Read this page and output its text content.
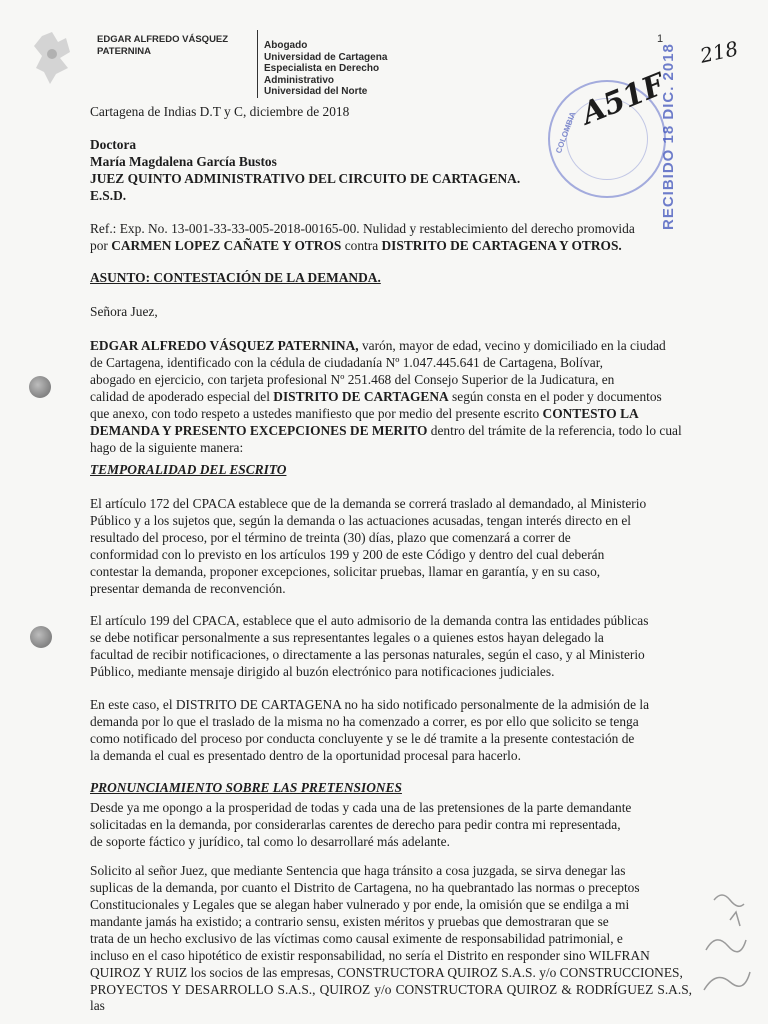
EDGAR ALFREDO VÁSQUEZ
PATERNINA
Abogado
Universidad de Cartagena
Especialista en Derecho
Administrativo
Universidad del Norte
1
COLOMBIA	RECIBIDO 18 DIC. 2018
A51F
218
Cartagena de Indias D.T y C, diciembre de 2018
Doctora
María Magdalena García Bustos
JUEZ QUINTO ADMINISTRATIVO DEL CIRCUITO DE CARTAGENA.
E.S.D.
Ref.: Exp. No. 13-001-33-33-005-2018-00165-00. Nulidad y restablecimiento del derecho promovida
por CARMEN LOPEZ CAÑATE Y OTROS contra DISTRITO DE CARTAGENA Y OTROS.
ASUNTO: CONTESTACIÓN DE LA DEMANDA.
Señora Juez,
EDGAR ALFREDO VÁSQUEZ PATERNINA, varón, mayor de edad, vecino y domiciliado en la ciudad
de Cartagena, identificado con la cédula de ciudadanía Nº 1.047.445.641 de Cartagena, Bolívar,
abogado en ejercicio, con tarjeta profesional Nº 251.468 del Consejo Superior de la Judicatura, en
calidad de apoderado especial del DISTRITO DE CARTAGENA según consta en el poder y documentos
que anexo, con todo respeto a ustedes manifiesto que por medio del presente escrito CONTESTO LA
DEMANDA Y PRESENTO EXCEPCIONES DE MERITO dentro del trámite de la referencia, todo lo cual
hago de la siguiente manera:
TEMPORALIDAD DEL ESCRITO
El artículo 172 del CPACA establece que de la demanda se correrá traslado al demandado, al Ministerio
Público y a los sujetos que, según la demanda o las actuaciones acusadas, tengan interés directo en el
resultado del proceso, por el término de treinta (30) días, plazo que comenzará a correr de
conformidad con lo previsto en los artículos 199 y 200 de este Código y dentro del cual deberán
contestar la demanda, proponer excepciones, solicitar pruebas, llamar en garantía, y en su caso,
presentar demanda de reconvención.
El artículo 199 del CPACA, establece que el auto admisorio de la demanda contra las entidades públicas
se debe notificar personalmente a sus representantes legales o a quienes estos hayan delegado la
facultad de recibir notificaciones, o directamente a las personas naturales, según el caso, y al Ministerio
Público, mediante mensaje dirigido al buzón electrónico para notificaciones judiciales.
En este caso, el DISTRITO DE CARTAGENA no ha sido notificado personalmente de la admisión de la
demanda por lo que el traslado de la misma no ha comenzado a correr, es por ello que solicito se tenga
como notificado del proceso por conducta concluyente y se le dé tramite a la presente contestación de
la demanda el cual es presentado dentro de la oportunidad procesal para hacerlo.
PRONUNCIAMIENTO SOBRE LAS PRETENSIONES
Desde ya me opongo a la prosperidad de todas y cada una de las pretensiones de la parte demandante
solicitadas en la demanda, por considerarlas carentes de derecho para pedir contra mi representada,
de soporte fáctico y jurídico, tal como lo desarrollaré más adelante.
Solicito al señor Juez, que mediante Sentencia que haga tránsito a cosa juzgada, se sirva denegar las
suplicas de la demanda, por cuanto el Distrito de Cartagena, no ha quebrantado las normas o preceptos
Constitucionales y Legales que se alegan haber vulnerado y por ende, la omisión que se endilga a mi
mandante jamás ha existido; a contrario sensu, existen méritos y pruebas que demostraran que se
trata de un hecho exclusivo de las víctimas como causal eximente de responsabilidad patrimonial, e
incluso en el caso hipotético de existir responsabilidad, no sería el Distrito en responder sino WILFRAN
QUIROZ Y RUIZ los socios de las empresas, CONSTRUCTORA QUIROZ S.A.S. y/o CONSTRUCCIONES,
PROYECTOS Y DESARROLLO S.A.S., QUIROZ y/o CONSTRUCTORA QUIROZ & RODRÍGUEZ S.A.S, las
